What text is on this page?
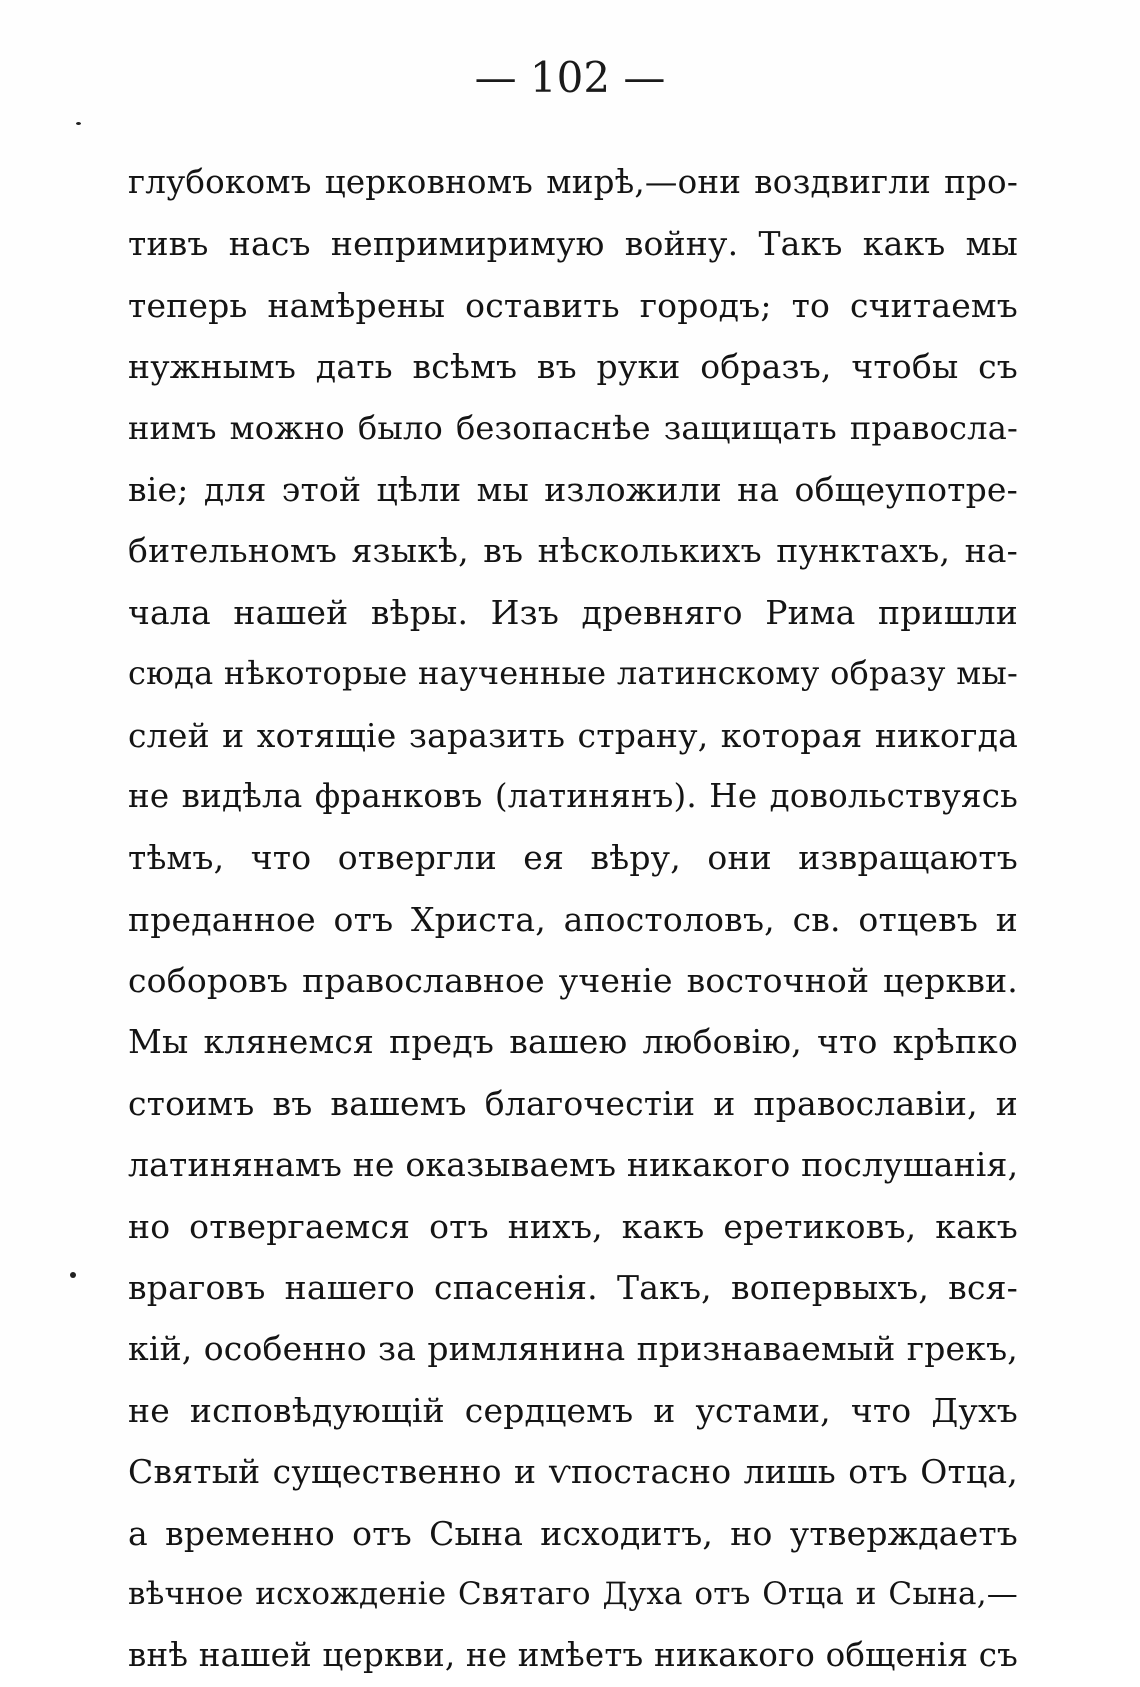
— 102 —
глубокомъ церковномъ мирѣ,—они воздвигли про-
тивъ насъ непримиримую войну. Такъ какъ мы
теперь намѣрены оставить городъ; то считаемъ
нужнымъ дать всѣмъ въ руки образъ, чтобы съ
нимъ можно было безопаснѣе защищать правосла-
віе; для этой цѣли мы изложили на общеупотре-
бительномъ языкѣ, въ нѣсколькихъ пунктахъ, на-
чала нашей вѣры. Изъ древняго Рима пришли
сюда нѣкоторые наученные латинскому образу мы-
слей и хотящіе заразить страну, которая никогда
не видѣла франковъ (латинянъ). Не довольствуясь
тѣмъ, что отвергли ея вѣру, они извращаютъ
преданное отъ Христа, апостоловъ, св. отцевъ и
соборовъ православное ученіе восточной церкви.
Мы клянемся предъ вашею любовію, что крѣпко
стоимъ въ вашемъ благочестіи и православіи, и
латинянамъ не оказываемъ никакого послушанія,
но отвергаемся отъ нихъ, какъ еретиковъ, какъ
враговъ нашего спасенія. Такъ, вопервыхъ, вся-
кій, особенно за римлянина признаваемый грекъ,
не исповѣдующій сердцемъ и устами, что Духъ
Святый существенно и ѵпостасно лишь отъ Отца,
а временно отъ Сына исходитъ, но утверждаетъ
вѣчное исхожденіе Святаго Духа отъ Отца и Сына,—
внѣ нашей церкви, не имѣетъ никакого общенія съ
